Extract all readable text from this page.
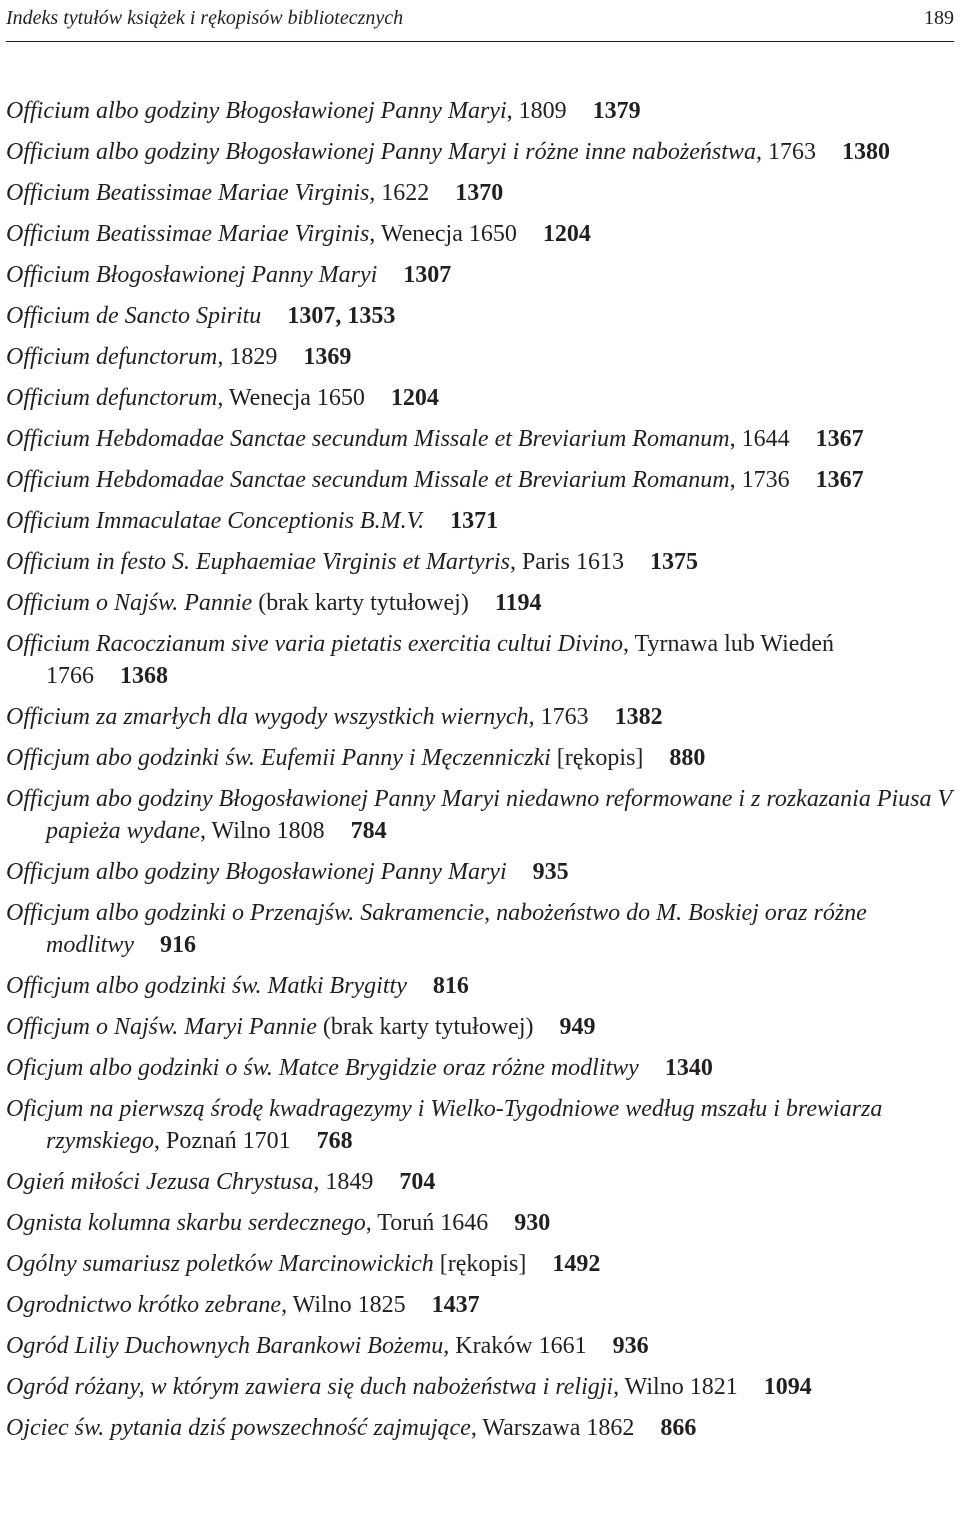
Indeks tytułów książek i rękopisów bibliotecznych	189
Officium albo godziny Błogosławionej Panny Maryi, 1809 1379
Officium albo godziny Błogosławionej Panny Maryi i różne inne nabożeństwa, 1763 1380
Officium Beatissimae Mariae Virginis, 1622 1370
Officium Beatissimae Mariae Virginis, Wenecja 1650 1204
Officium Błogosławionej Panny Maryi 1307
Officium de Sancto Spiritu 1307, 1353
Officium defunctorum, 1829 1369
Officium defunctorum, Wenecja 1650 1204
Officium Hebdomadae Sanctae secundum Missale et Breviarium Romanum, 1644 1367
Officium Hebdomadae Sanctae secundum Missale et Breviarium Romanum, 1736 1367
Officium Immaculatae Conceptionis B.M.V. 1371
Officium in festo S. Euphaemiae Virginis et Martyris, Paris 1613 1375
Officium o Najśw. Pannie (brak karty tytułowej) 1194
Officium Racoczianum sive varia pietatis exercitia cultui Divino, Tyrnawa lub Wiedeń 1766 1368
Officium za zmarłych dla wygody wszystkich wiernych, 1763 1382
Officjum abo godzinki św. Eufemii Panny i Męczenniczki [rękopis] 880
Officjum abo godziny Błogosławionej Panny Maryi niedawno reformowane i z rozkazania Piusa V papieża wydane, Wilno 1808 784
Officjum albo godziny Błogosławionej Panny Maryi 935
Officjum albo godzinki o Przenajśw. Sakramencie, nabożeństwo do M. Boskiej oraz różne modlitwy 916
Officjum albo godzinki św. Matki Brygitty 816
Officjum o Najśw. Maryi Pannie (brak karty tytułowej) 949
Oficjum albo godzinki o św. Matce Brygidzie oraz różne modlitwy 1340
Oficjum na pierwszą środę kwadragezymy i Wielko-Tygodniowe według mszału i brewiarza rzymskiego, Poznań 1701 768
Ogień miłości Jezusa Chrystusa, 1849 704
Ognista kolumna skarbu serdecznego, Toruń 1646 930
Ogólny sumariusz poletków Marcinowickich [rękopis] 1492
Ogrodnictwo krótko zebrane, Wilno 1825 1437
Ogród Liliy Duchownych Barankowi Bożemu, Kraków 1661 936
Ogród różany, w którym zawiera się duch nabożeństwa i religji, Wilno 1821 1094
Ojciec św. pytania dziś powszechność zajmujące, Warszawa 1862 866
